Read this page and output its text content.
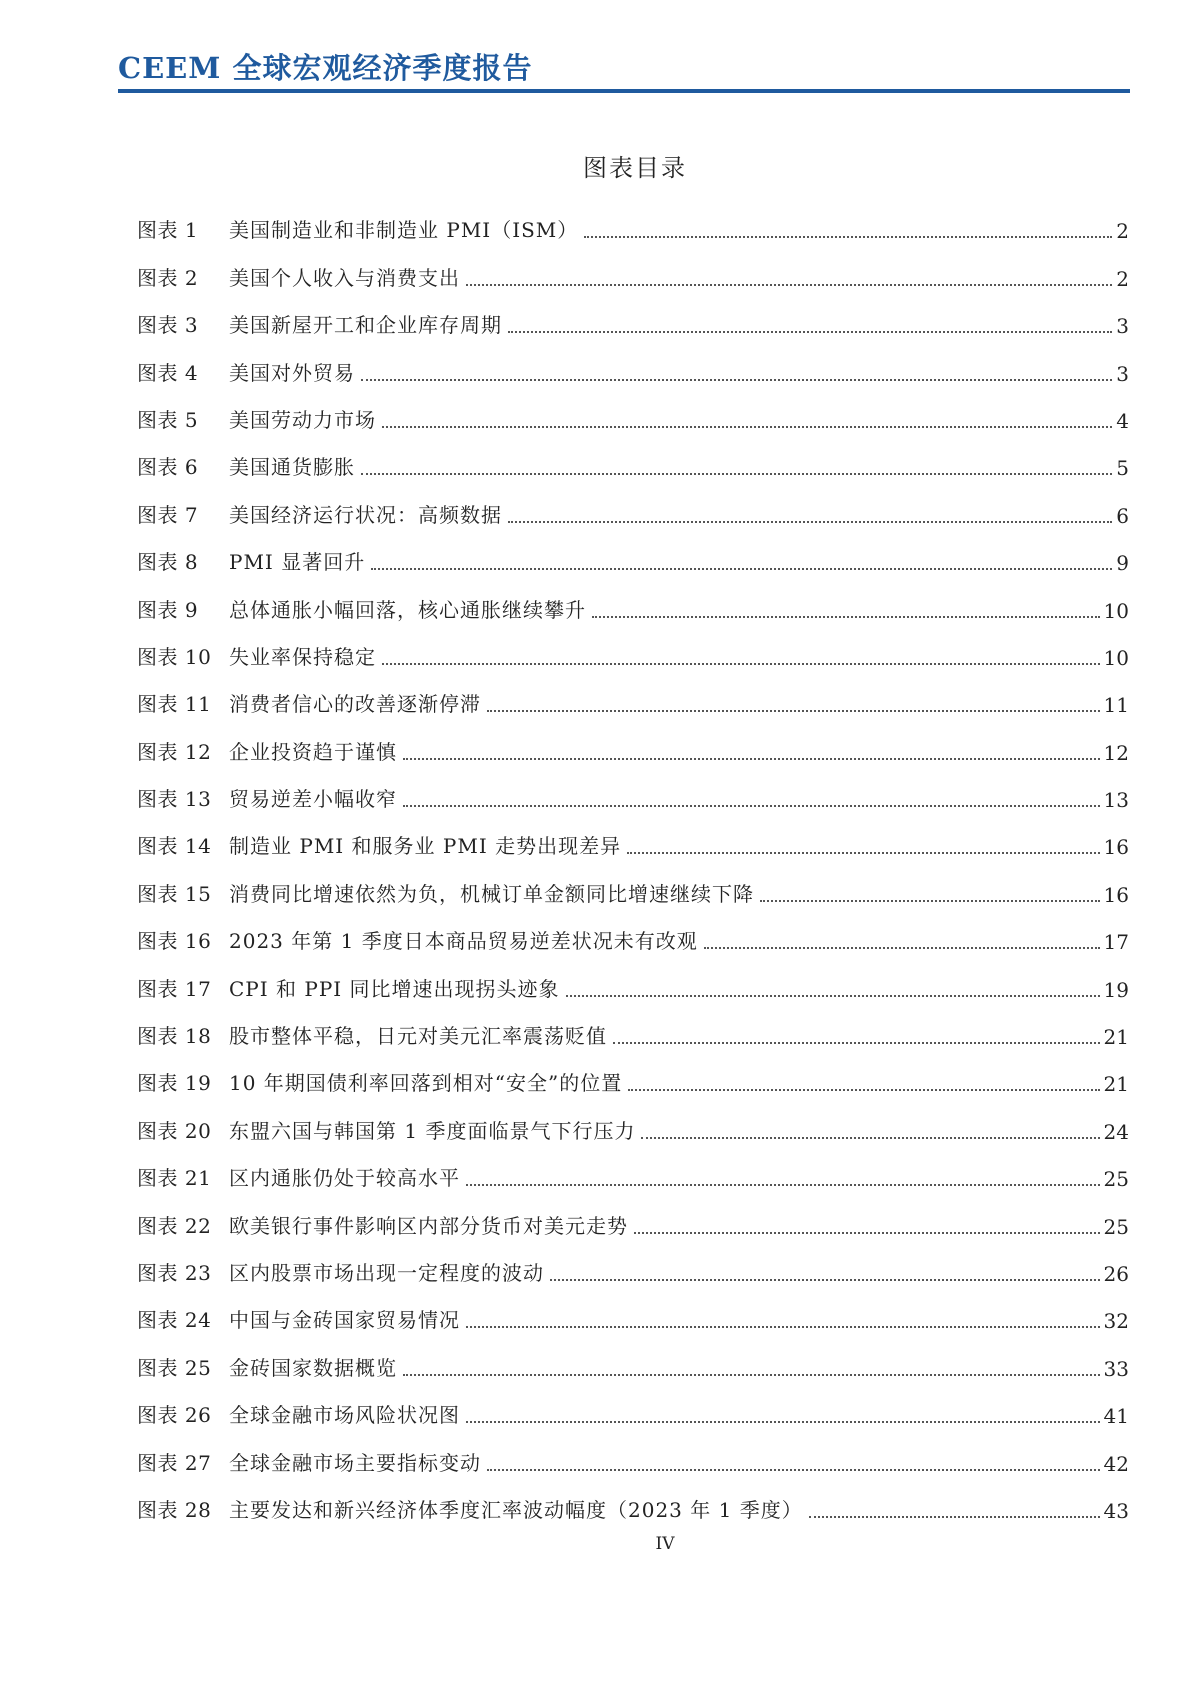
CEEM 全球宏观经济季度报告
图表目录
图表 1	美国制造业和非制造业 PMI（ISM）	2
图表 2	美国个人收入与消费支出	2
图表 3	美国新屋开工和企业库存周期	3
图表 4	美国对外贸易	3
图表 5	美国劳动力市场	4
图表 6	美国通货膨胀	5
图表 7	美国经济运行状况：高频数据	6
图表 8	PMI 显著回升	9
图表 9	总体通胀小幅回落，核心通胀继续攀升	10
图表 10 失业率保持稳定	10
图表 11 消费者信心的改善逐渐停滞	11
图表 12 企业投资趋于谨慎	12
图表 13 贸易逆差小幅收窄	13
图表 14 制造业 PMI 和服务业 PMI 走势出现差异	16
图表 15 消费同比增速依然为负，机械订单金额同比增速继续下降	16
图表 16 2023 年第 1 季度日本商品贸易逆差状况未有改观	17
图表 17 CPI 和 PPI 同比增速出现拐头迹象	19
图表 18 股市整体平稳，日元对美元汇率震荡贬值	21
图表 19 10 年期国债利率回落到相对“安全”的位置	21
图表 20 东盟六国与韩国第 1 季度面临景气下行压力	24
图表 21 区内通胀仍处于较高水平	25
图表 22 欧美银行事件影响区内部分货币对美元走势	25
图表 23 区内股票市场出现一定程度的波动	26
图表 24 中国与金砖国家贸易情况	32
图表 25 金砖国家数据概览	33
图表 26 全球金融市场风险状况图	41
图表 27 全球金融市场主要指标变动	42
图表 28 主要发达和新兴经济体季度汇率波动幅度（2023 年 1 季度）	43
IV
